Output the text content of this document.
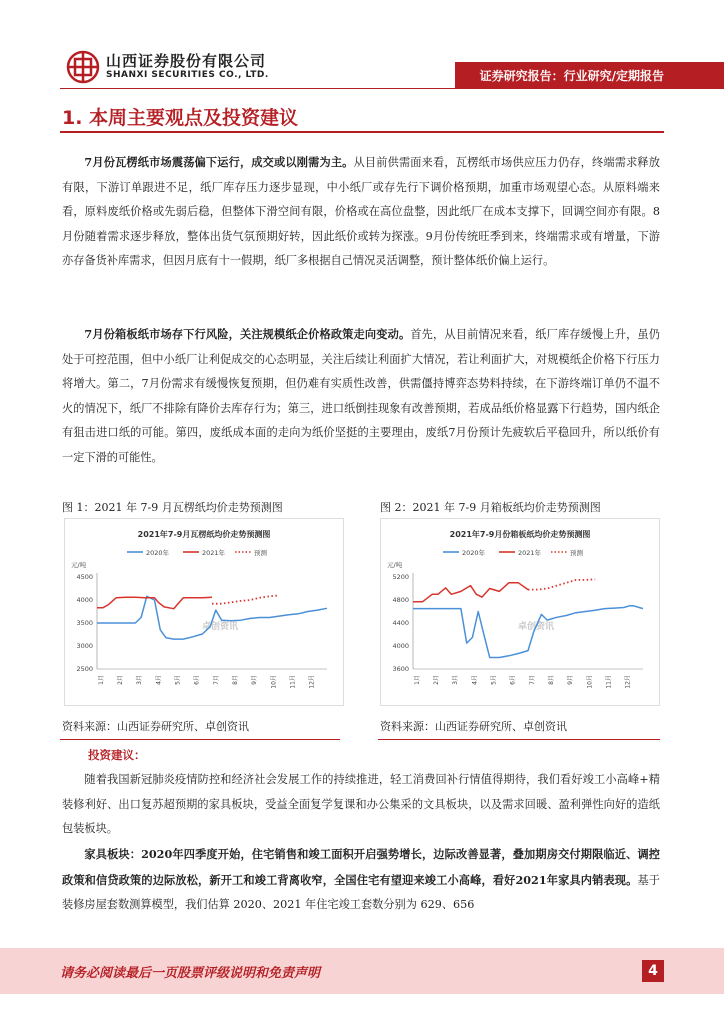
山西证券股份有限公司
SHANXI SECURITIES CO., LTD.	证券研究报告：行业研究/定期报告
1. 本周主要观点及投资建议

7月份瓦楞纸市场震荡偏下运行，成交或以刚需为主。从目前供需面来看，瓦楞纸市场供应压力仍存，终端需求释放有限，下游订单跟进不足，纸厂库存压力逐步显现，中小纸厂或存先行下调价格预期，加重市场观望心态。从原料端来看，原料废纸价格或先弱后稳，但整体下滑空间有限，价格或在高位盘整，因此纸厂在成本支撑下，回调空间亦有限。8月份随着需求逐步释放，整体出货气氛预期好转，因此纸价或转为探涨。9月份传统旺季到来，终端需求或有增量，下游亦存备货补库需求，但因月底有十一假期，纸厂多根据自己情况灵活调整，预计整体纸价偏上运行。

7月份箱板纸市场存下行风险，关注规模纸企价格政策走向变动。首先，从目前情况来看，纸厂库存缓慢上升，虽仍处于可控范围，但中小纸厂让利促成交的心态明显，关注后续让利面扩大情况，若让利面扩大，对规模纸企价格下行压力将增大。第二，7月份需求有缓慢恢复预期，但仍难有实质性改善，供需僵持博弈态势料持续，在下游终端订单仍不温不火的情况下，纸厂不排除有降价去库存行为；第三，进口纸倒挂现象有改善预期，若成品纸价格显露下行趋势，国内纸企有狙击进口纸的可能。第四，废纸成本面的走向为纸价坚挺的主要理由，废纸7月份预计先疲软后平稳回升，所以纸价有一定下滑的可能性。

图 1：2021 年 7-9 月瓦楞纸均价走势预测图	图 2：2021 年 7-9 月箱板纸均价走势预测图
2021年7-9月瓦楞纸均价走势预测图
2020年	2021年	预测
元/吨
2500
3000
3500
4000
4500
1月 2月 3月 4月 5月 6月 7月 8月 9月 10月 11月 12月
卓创资讯
2021年7-9月份箱板纸均价走势预测图
2020年	2021年	预测
元/吨
3600
4000
4400
4800
5200
1月 2月 3月 4月 5月 6月 7月 8月 9月 10月 11月 12月
卓创资讯
资料来源：山西证券研究所、卓创资讯	资料来源：山西证券研究所、卓创资讯
投资建议：

随着我国新冠肺炎疫情防控和经济社会发展工作的持续推进，轻工消费回补行情值得期待，我们看好竣工小高峰+精装修利好、出口复苏超预期的家具板块，受益全面复学复课和办公集采的文具板块，以及需求回暖、盈利弹性向好的造纸包装板块。

家具板块：2020年四季度开始，住宅销售和竣工面积开启强势增长，边际改善显著，叠加期房交付期限临近、调控政策和信贷政策的边际放松，新开工和竣工背离收窄，全国住宅有望迎来竣工小高峰，看好2021年家具内销表现。基于装修房屋套数测算模型，我们估算 2020、2021 年住宅竣工套数分别为 629、656

请务必阅读最后一页股票评级说明和免责声明	4
